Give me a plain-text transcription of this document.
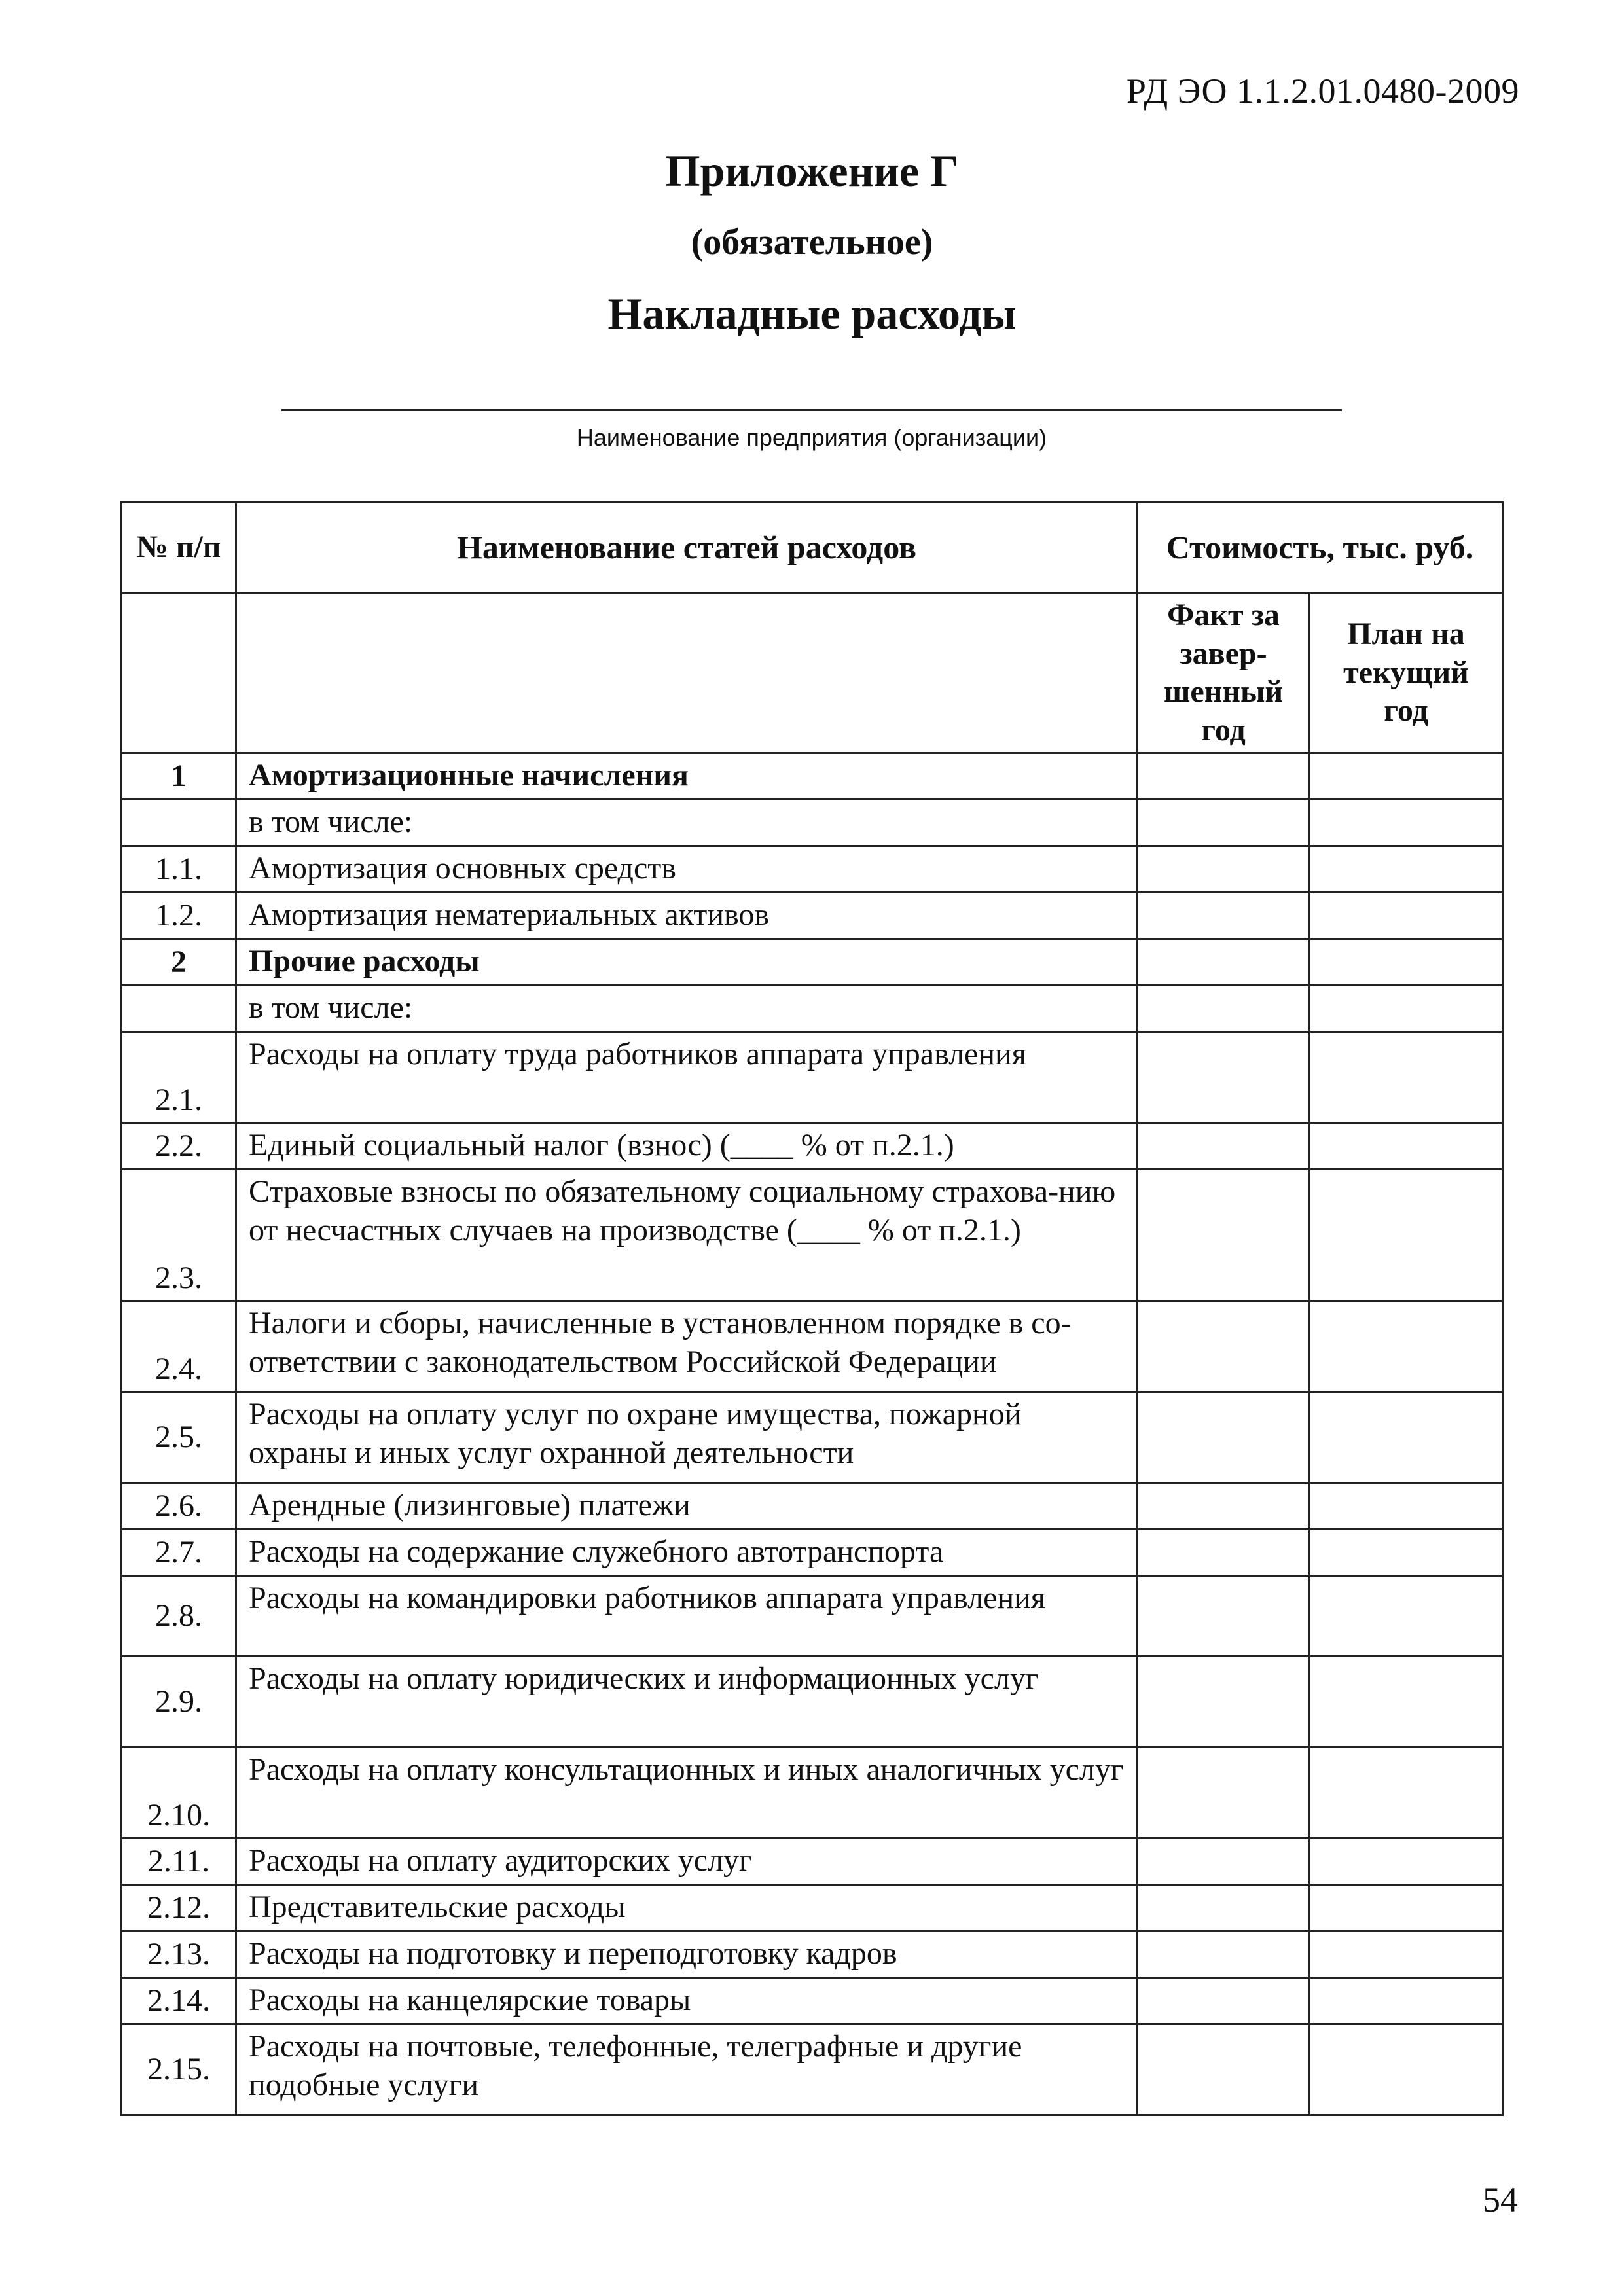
РД ЭО 1.1.2.01.0480-2009
Приложение Г
(обязательное)
Накладные расходы
Наименование предприятия (организации)
№ п/п	Наименование статей расходов	Стоимость, тыс. руб.	
		Факт за завер-шенный год	План на текущий год
1	Амортизационные начисления		
	в том числе:		
1.1.	Амортизация основных средств		
1.2.	Амортизация нематериальных активов		
2	Прочие расходы		
	в том числе:		
2.1.	Расходы на оплату труда работников аппарата управления		
2.2.	Единый социальный налог (взнос) (____ % от п.2.1.)		
2.3.	Страховые взносы по обязательному социальному страхова-нию от несчастных случаев на производстве (____ % от п.2.1.)		
2.4.	Налоги и сборы, начисленные в установленном порядке в со-ответствии с законодательством Российской Федерации		
2.5.	Расходы на оплату услуг по охране имущества, пожарной охраны и иных услуг охранной деятельности		
2.6.	Арендные (лизинговые) платежи		
2.7.	Расходы на содержание служебного автотранспорта		
2.8.	Расходы на командировки работников аппарата управления		
2.9.	Расходы на оплату юридических и информационных услуг		
2.10.	Расходы на оплату консультационных и иных аналогичных услуг		
2.11.	Расходы на оплату аудиторских услуг		
2.12.	Представительские расходы		
2.13.	Расходы на подготовку и переподготовку кадров		
2.14.	Расходы на канцелярские товары		
2.15.	Расходы на почтовые, телефонные, телеграфные и другие подобные услуги		
54
